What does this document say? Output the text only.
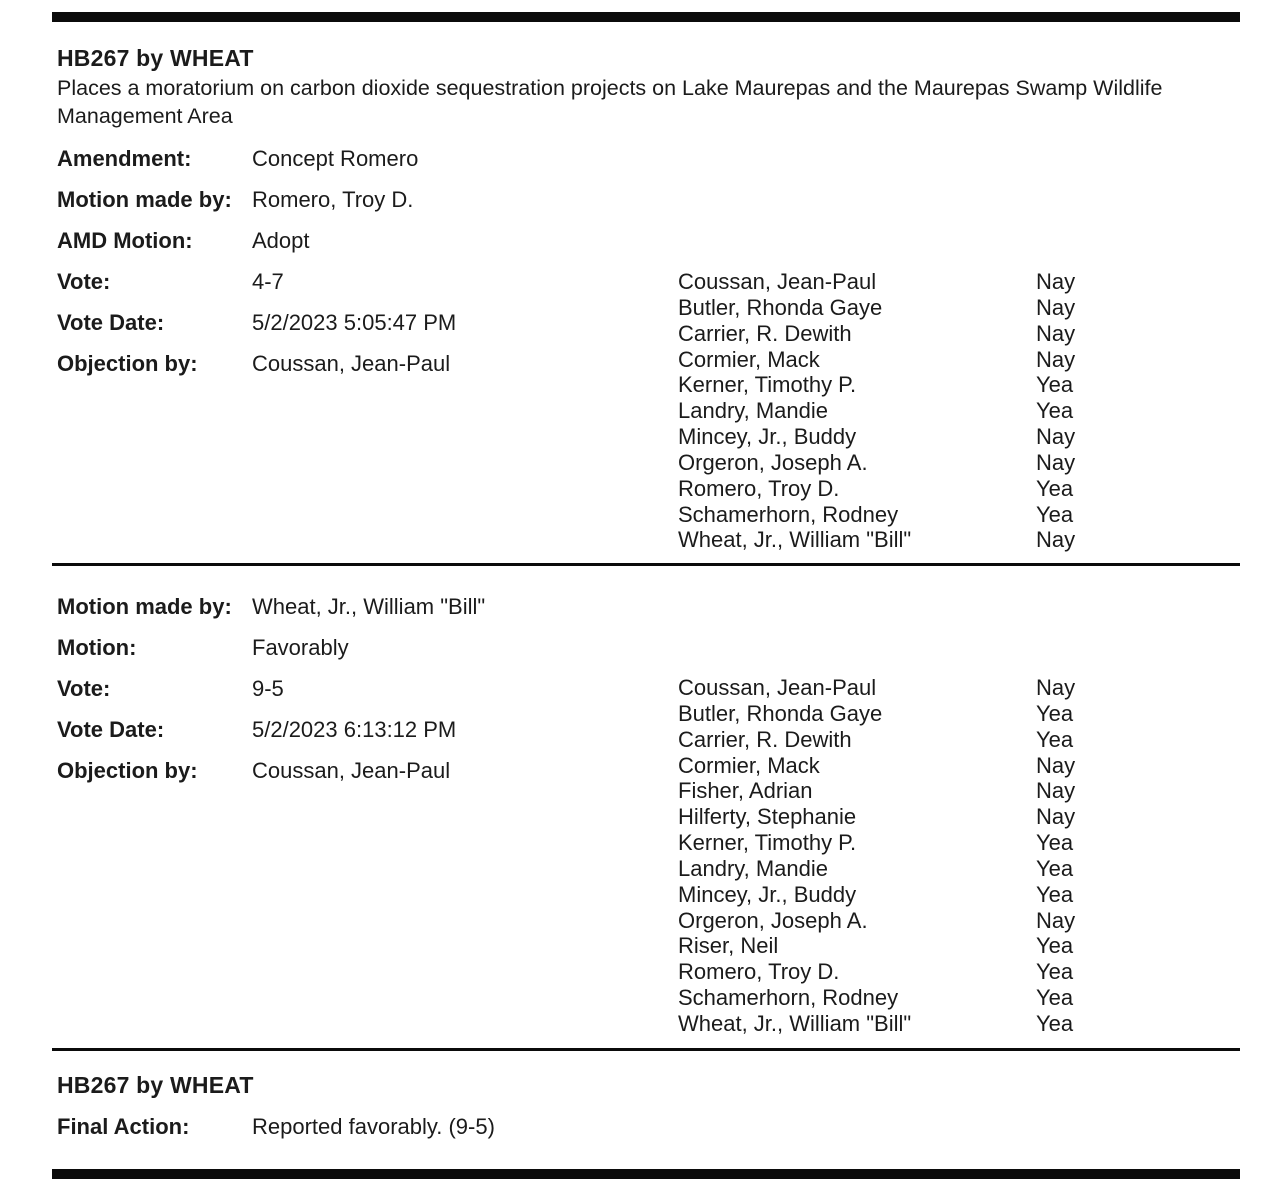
HB267 by WHEAT
Places a moratorium on carbon dioxide sequestration projects on Lake Maurepas and the Maurepas Swamp Wildlife Management Area
Amendment:	Concept Romero
Motion made by: Romero, Troy D.
AMD Motion:	Adopt
Vote:	4-7
Vote Date:	5/2/2023 5:05:47 PM
Objection by:	Coussan, Jean-Paul
Coussan, Jean-Paul	Nay
Butler, Rhonda Gaye	Nay
Carrier, R. Dewith	Nay
Cormier, Mack	Nay
Kerner, Timothy P.	Yea
Landry, Mandie	Yea
Mincey, Jr., Buddy	Nay
Orgeron, Joseph A.	Nay
Romero, Troy D.	Yea
Schamerhorn, Rodney	Yea
Wheat, Jr., William "Bill"	Nay
Motion made by: Wheat, Jr., William "Bill"
Motion:	Favorably
Vote:	9-5
Vote Date:	5/2/2023 6:13:12 PM
Objection by:	Coussan, Jean-Paul
Coussan, Jean-Paul	Nay
Butler, Rhonda Gaye	Yea
Carrier, R. Dewith	Yea
Cormier, Mack	Nay
Fisher, Adrian	Nay
Hilferty, Stephanie	Nay
Kerner, Timothy P.	Yea
Landry, Mandie	Yea
Mincey, Jr., Buddy	Yea
Orgeron, Joseph A.	Nay
Riser, Neil	Yea
Romero, Troy D.	Yea
Schamerhorn, Rodney	Yea
Wheat, Jr., William "Bill"	Yea
HB267 by WHEAT
Final Action:	Reported favorably. (9-5)
